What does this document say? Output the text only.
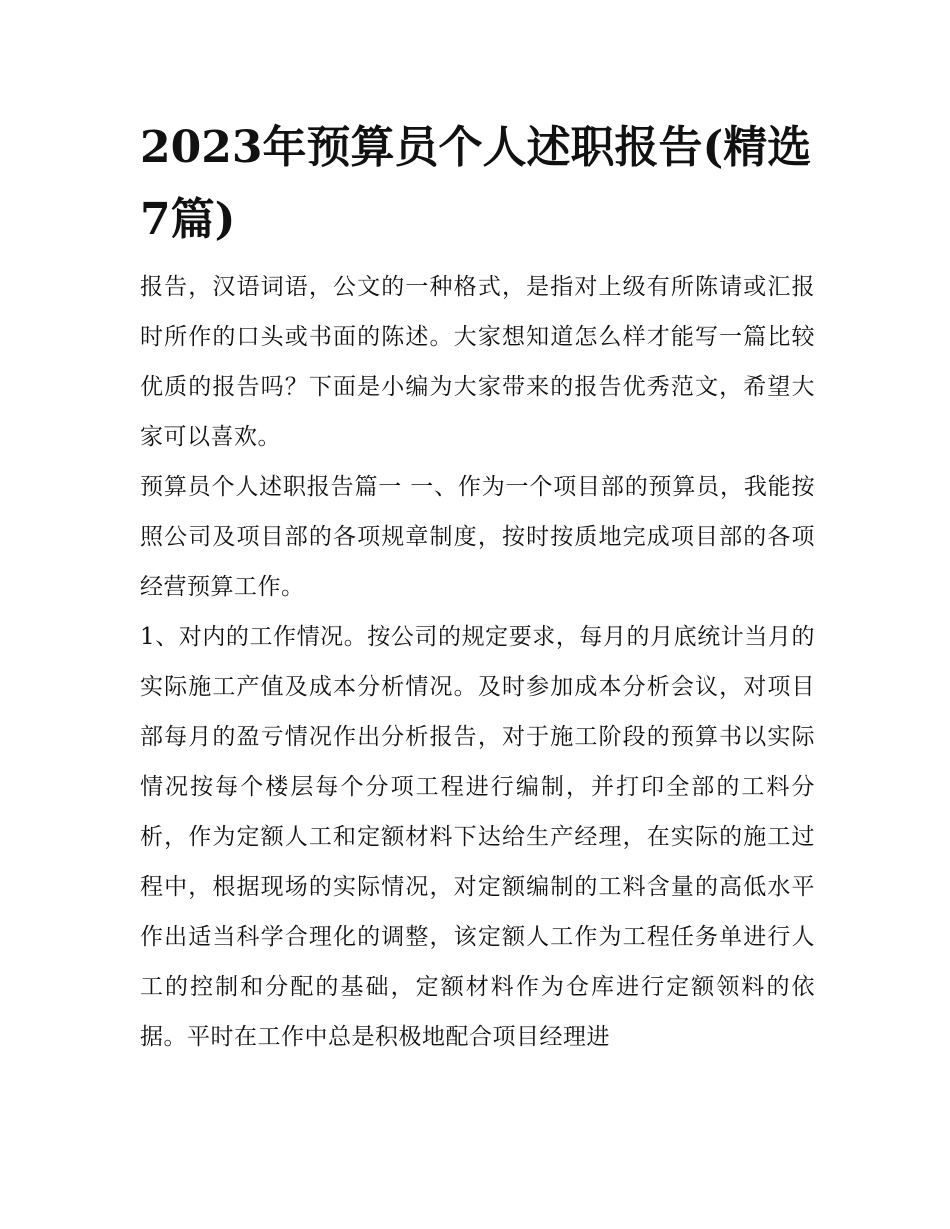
2023年预算员个人述职报告(精选7篇)

报告，汉语词语，公文的一种格式，是指对上级有所陈请或汇报时所作的口头或书面的陈述。大家想知道怎么样才能写一篇比较优质的报告吗？下面是小编为大家带来的报告优秀范文，希望大家可以喜欢。

预算员个人述职报告篇一 一、作为一个项目部的预算员，我能按照公司及项目部的各项规章制度，按时按质地完成项目部的各项经营预算工作。

1、对内的工作情况。按公司的规定要求，每月的月底统计当月的实际施工产值及成本分析情况。及时参加成本分析会议，对项目部每月的盈亏情况作出分析报告，对于施工阶段的预算书以实际情况按每个楼层每个分项工程进行编制，并打印全部的工料分析，作为定额人工和定额材料下达给生产经理，在实际的施工过程中，根据现场的实际情况，对定额编制的工料含量的高低水平作出适当科学合理化的调整，该定额人工作为工程任务单进行人工的控制和分配的基础，定额材料作为仓库进行定额领料的依据。平时在工作中总是积极地配合项目经理进
